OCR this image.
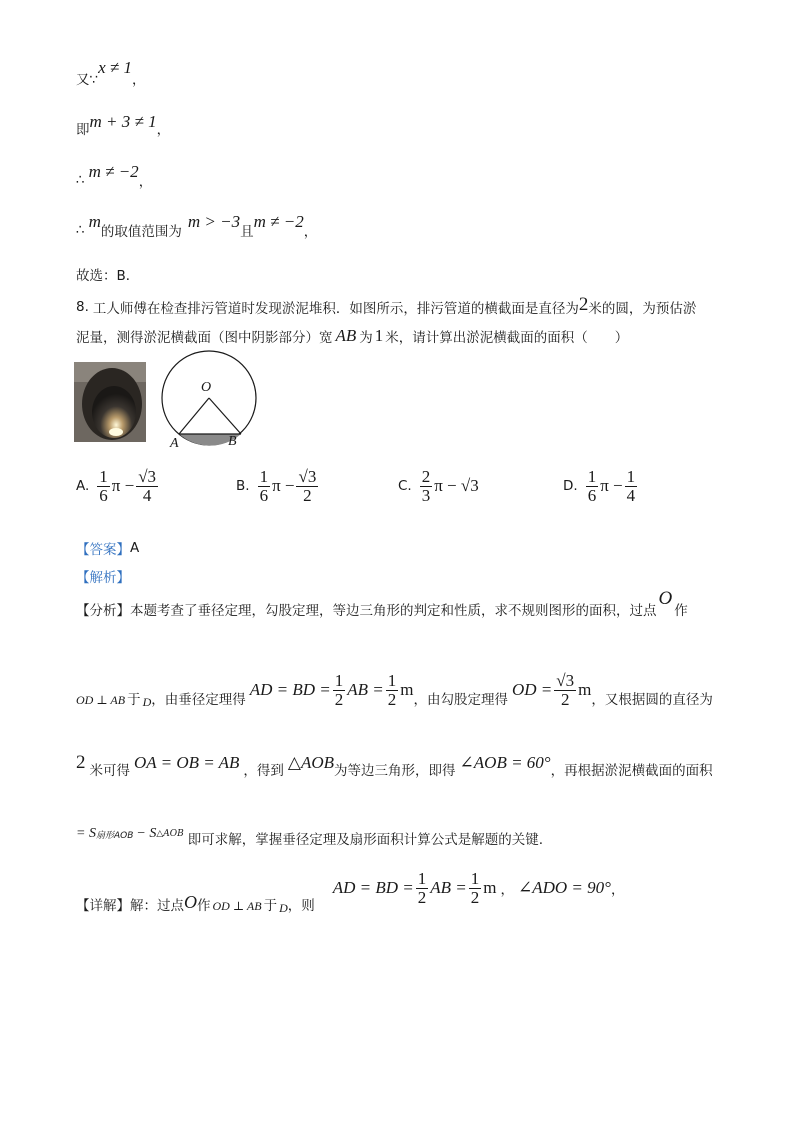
又∵
x ≠ 1
，
即 m + 3 ≠ 1 ，
∴ m ≠ −2
，
∴ m
的取值范围为
m > −3
且
m ≠ −2
，
故选：B．
8. 工人师傅在检查排污管道时发现淤泥堆积．如图所示，排污管道的横截面是直径为 2 米的圆，为预估淤
泥量，测得淤泥横截面（图中阴影部分）宽 AB 为 1 米，请计算出淤泥横截面的面积（　　）
O
A	B
A. $\frac{1}{6}$ $\pi - \frac{√3}{4}$	B. $\frac{1}{6}$ $\pi - \frac{√3}{2}$	C. $\frac{2}{3}$ π − √3	D. $\frac{1}{6}$ $\pi - \frac{1}{4}$
【答案】 A
【解析】
【分析】 本题考查了垂径定理，勾股定理，等边三角形的判定和性质，求不规则图形的面积，过点
O
作
OD ⊥ AB 于 D ，由垂径定理得
AD = BD = $\frac{1}{2}$ AB = $\frac{1}{2}$ m
，由勾股定理得
OD = $\frac{√3}{2}$ m
，又根据圆的直径为
2 米可得 OA = OB = AB ，得到 △AOB 为等边三角形，即得 ∠AOB = 60° ，再根据淤泥横截面的面积
= S 扇形AOB − S △AOB 即可求解，掌握垂径定理及扇形面积计算公式是解题的关键.
【详解】 解：过点 O 作 OD ⊥ AB 于 D ，则
AD = BD = $\frac{1}{2}$ AB = $\frac{1}{2}$ m ， ∠ADO = 90° ，
